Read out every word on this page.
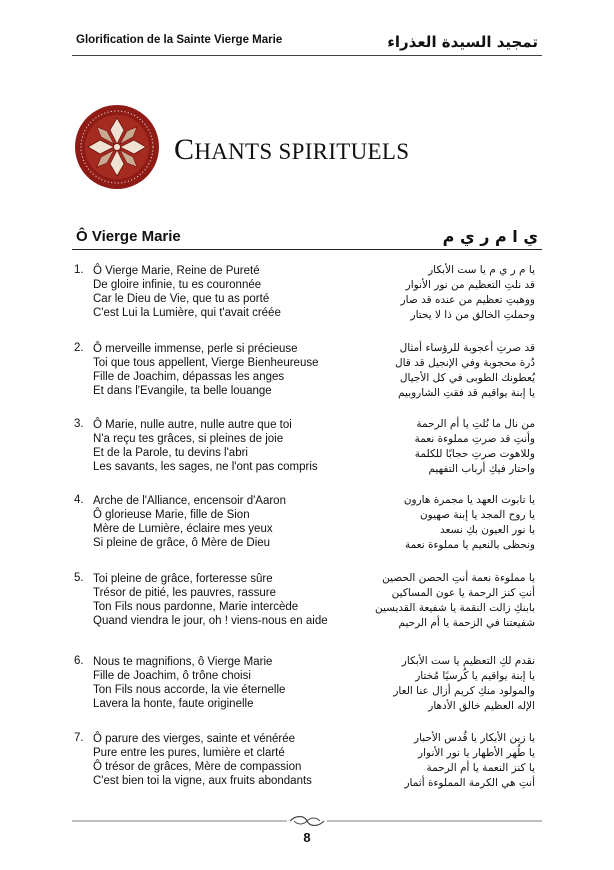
Glorification de la Sainte Vierge Marie	تمجيد السيدة العذراء
CHANTS SPIRITUELS
Ô Vierge Marie	ي ا م ر ي م
1. Ô Vierge Marie, Reine de Pureté
De gloire infinie, tu es couronnée
Car le Dieu de Vie, que tu as porté
C'est Lui la Lumière, qui t'avait créée
يا م ر ي م يا ست الأبكار
قد نلتِ التعظيم من نور الأنوار
ووهبتِ تعظيم من عنده قد صار
وحملتِ الخالق من ذا لا يحتار
2. Ô merveille immense, perle si précieuse
Toi que tous appellent, Vierge Bienheureuse
Fille de Joachim, dépassas les anges
Et dans l'Evangile, ta belle louange
قد صرتِ أعجوبة للرؤساء أمثال
دُرة محجوبة وفي الإنجيل قد قال
يُعطونك الطوبى في كل الأجيال
يا إبنة يواقيم قد فقتِ الشاروبيم
3. Ô Marie, nulle autre, nulle autre que toi
N'a reçu tes grâces, si pleines de joie
Et de la Parole, tu devins l'abri
Les savants, les sages, ne l'ont pas compris
من نال ما نُلتِ يا أم الرحمة
وأنتِ قد صرتِ مملوءة نعمة
وللاهوت صرتِ حجابًا للكلمة
واحتار فيكِ أرباب التفهيم
4. Arche de l'Alliance, encensoir d'Aaron
Ô glorieuse Marie, fille de Sion
Mère de Lumière, éclaire mes yeux
Si pleine de grâce, ô Mère de Dieu
يا تابوت العهد يا مجمرة هارون
يا روح المجد يا إبنة صهيون
يا نور العيون بكِ نسعد
ونحظى بالنعيم يا مملوءة نعمة
5. Toi pleine de grâce, forteresse sûre
Trésor de pitié, les pauvres, rassure
Ton Fils nous pardonne, Marie intercède
Quand viendra le jour, oh ! viens-nous en aide
يا مملوءة نعمة أنتِ الحصن الحصين
أنتِ كنز الرحمة يا عون المساكين
بابنكِ زالت النقمة يا شفيعة القديسين
شفيعتنا في الزحمة يا أم الرحيم
6. Nous te magnifions, ô Vierge Marie
Fille de Joachim, ô trône choisi
Ton Fils nous accorde, la vie éternelle
Lavera la honte, faute originelle
نقدم لكِ التعظيم يا ست الأبكار
يا إبنة يواقيم يا كُرسيًا مُختار
والمولود منكِ كريم أزال عنا العار
الإله العظيم خالق الأدهار
7. Ô parure des vierges, sainte et vénérée
Pure entre les pures, lumière et clarté
Ô trésor de grâces, Mère de compassion
C'est bien toi la vigne, aux fruits abondants
يا زين الأبكار يا قُدس الأحبار
يا طُهر الأطهار يا نور الأنوار
يا كنز النعمة يا أم الرحمة
أنتِ هي الكرمة المملوءة أثمار
8
